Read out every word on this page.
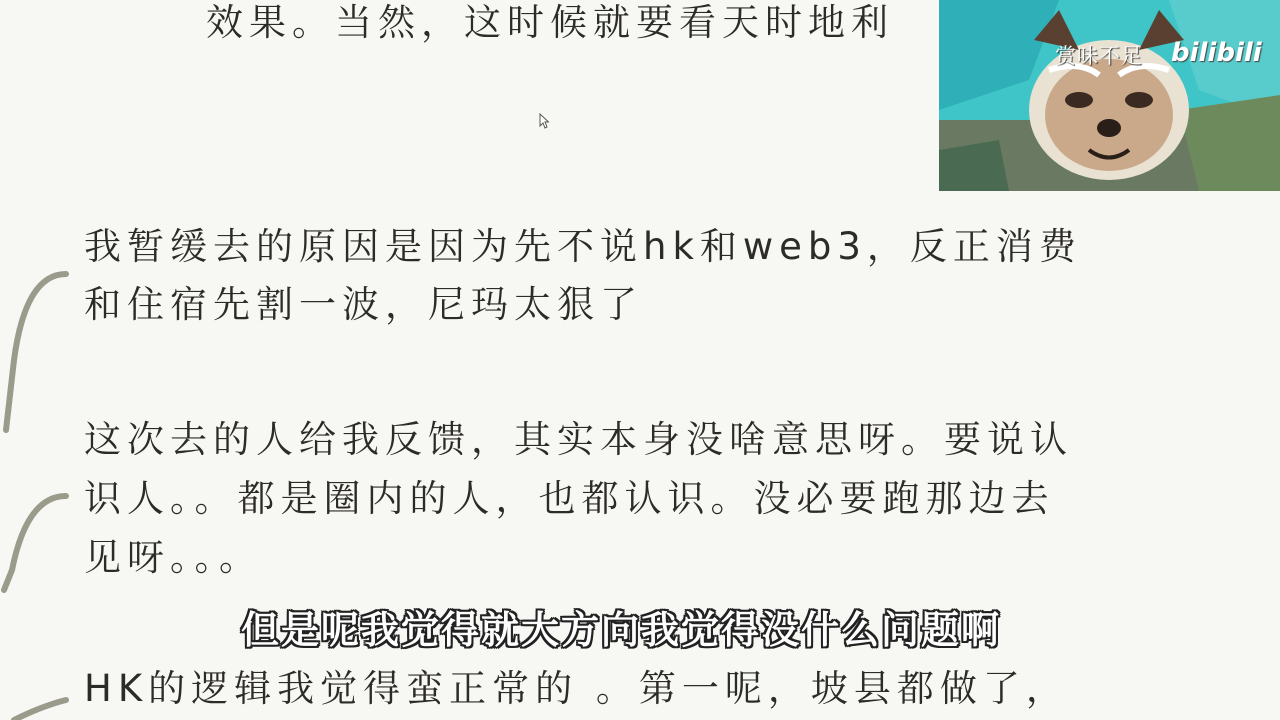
效果。当然，这时候就要看天时地利
我暂缓去的原因是因为先不说hk和web3，反正消费
和住宿先割一波，尼玛太狠了
这次去的人给我反馈，其实本身没啥意思呀。要说认
识人。。都是圈内的人，也都认识。没必要跑那边去
见呀。。。
HK的逻辑我觉得蛮正常的 。第一呢，坡县都做了，
但是呢我觉得就大方向我觉得没什么问题啊
赏味不足 bilibili
